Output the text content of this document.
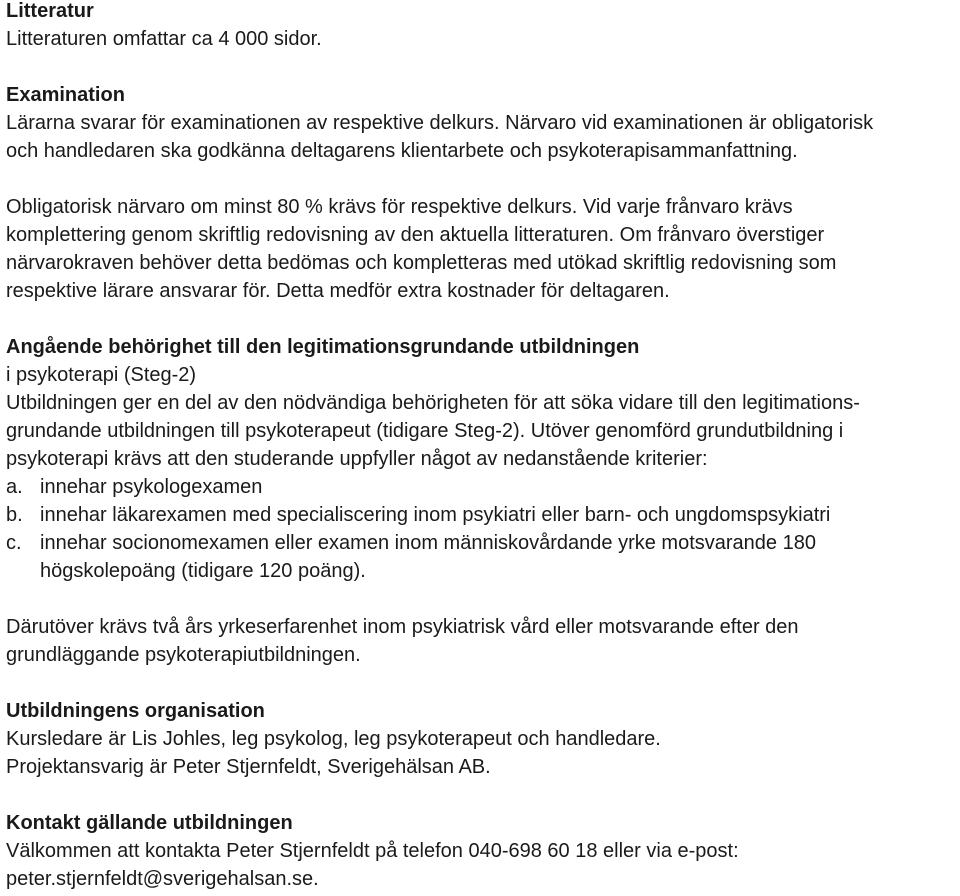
Litteratur
Litteraturen omfattar ca 4 000 sidor.
Examination
Lärarna svarar för examinationen av respektive delkurs. Närvaro vid examinationen är obligatorisk
och handledaren ska godkänna deltagarens klientarbete och psykoterapisammanfattning.
Obligatorisk närvaro om minst 80 % krävs för respektive delkurs. Vid varje frånvaro krävs
komplettering genom skriftlig redovisning av den aktuella litteraturen. Om frånvaro överstiger
närvarokraven behöver detta bedömas och kompletteras med utökad skriftlig redovisning som
respektive lärare ansvarar för. Detta medför extra kostnader för deltagaren.
Angående behörighet till den legitimationsgrundande utbildningen
i psykoterapi (Steg-2)
Utbildningen ger en del av den nödvändiga behörigheten för att söka vidare till den legitimations-
grundande utbildningen till psykoterapeut (tidigare Steg-2). Utöver genomförd grundutbildning i
psykoterapi krävs att den studerande uppfyller något av nedanstående kriterier:
a. innehar psykologexamen
b. innehar läkarexamen med specialiscering inom psykiatri eller barn- och ungdomspsykiatri
c. innehar socionomexamen eller examen inom människovårdande yrke motsvarande 180
högskolepoäng (tidigare 120 poäng).
Därutöver krävs två års yrkeserfarenhet inom psykiatrisk vård eller motsvarande efter den
grundläggande psykoterapiutbildningen.
Utbildningens organisation
Kursledare är Lis Johles, leg psykolog, leg psykoterapeut och handledare.
Projektansvarig är Peter Stjernfeldt, Sverigehälsan AB.
Kontakt gällande utbildningen
Välkommen att kontakta Peter Stjernfeldt på telefon 040-698 60 18 eller via e-post:
peter.stjernfeldt@sverigehalsan.se.
